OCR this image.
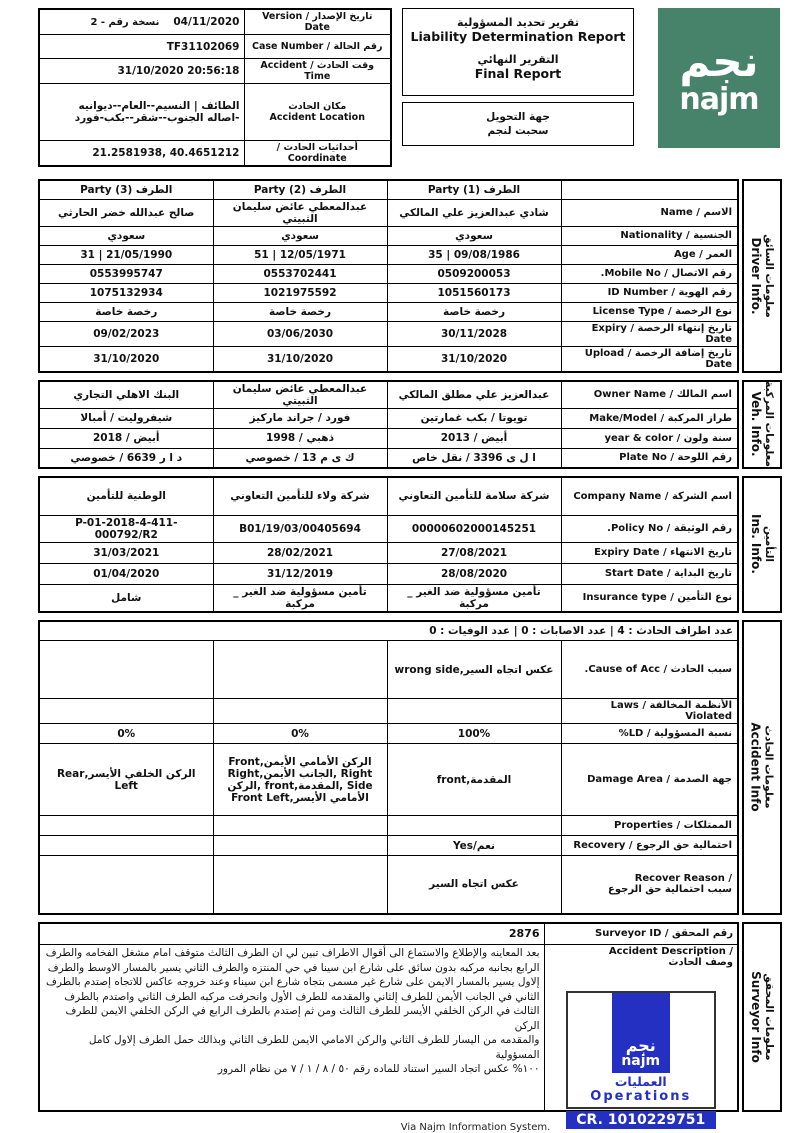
نسخة رقم - 2 04/11/2020	تاريخ الإصدار / Version Date

TF31102069	رقم الحالة / Case Number

31/10/2020 20:56:18	وقت الحادث / Accident Time

الطائف | النسيم--العام--ديوانيه -اصاله الجنوب--شقر--بكب-فورد	مكان الحادث
Accident Location

21.2581938, 40.4651212	أحداثيات الحادث / Coordinate
تقرير تحديد المسؤولية
Liability Determination Report
التقرير النهائي
Final Report
جهة التحويل
سحبت لنجم
نجم
najm
الطرف (3) Party	الطرف (2) Party	الطرف (1) Party	
صالح عبدالله خضر الحارثي	عبدالمعطي عائض سليمان الثبيتي	شادي عبدالعزيز علي المالكي	الاسم / Name
سعودي	سعودي	سعودي	الجنسية / Nationality
31 | 21/05/1990	51 | 12/05/1971	35 | 09/08/1986	العمر / Age
0553995747	0553702441	0509200053	رقم الاتصال / Mobile No.
1075132934	1021975592	1051560173	رقم الهوية / ID Number
رخصة خاصة	رخصة خاصة	رخصة خاصة	نوع الرخصة / License Type
09/02/2023	03/06/2030	30/11/2028	تاريخ إنتهاء الرخصة / Expiry Date
31/10/2020	31/10/2020	31/10/2020	تاريخ إضافة الرخصة / Upload Date
معلومات السائق
Driver Info.
البنك الاهلي التجاري	عبدالمعطي عائض سليمان الثبيتي	عبدالعزيز علي مطلق المالكي	اسم المالك / Owner Name
شيفروليت / أمبالا	فورد / جراند ماركيز	تويوتا / بكب غمارتين	طراز المركبة / Make/Model
أبيض / 2018	ذهبي / 1998	أبيض / 2013	سنة ولون / year & color
د ا ر 6639 / خصوصي	ك ى م 13 / خصوصي	ا ل ى 3396 / نقل خاص	رقم اللوحة / Plate No	معلومات المركبة
Veh. Info.
الوطنية للتأمين	شركة ولاء للتأمين التعاوني	شركة سلامة للتأمين التعاوني	اسم الشركة / Company Name
P-01-2018-4-411-000792/R2	B01/19/03/00405694	00000602000145251	رقم الوثيقة / Policy No.
31/03/2021	28/02/2021	27/08/2021	تاريخ الانتهاء / Expiry Date
01/04/2020	31/12/2019	28/08/2020	تاريخ البداية / Start Date
شامل	تأمين مسؤولية ضد الغير _ مركبة	تأمين مسؤولية ضد الغير _ مركبة	نوع التأمين / Insurance type
التأمين
Ins. Info.
عدد اطراف الحادث : 4 | عدد الاصابات : 0 | عدد الوفيات : 0			
		عكس اتجاه السير,wrong side	سبب الحادث / Cause of Acc.
			الأنظمة المخالفة / Laws Violated
0%	0%	100%	نسبة المسؤولية / LD%
الركن الخلفي الأيسر,Rear Left	الركن الأمامي الأيمن,Front Right ,الجانب الأيمن,Right Side ,المقدمة,front ,الركن الأمامي الأيسر,Front Left	المقدمة,front	جهة الصدمة / Damage Area
			الممتلكات / Properties
		نعم/Yes	احتمالية حق الرجوع / Recovery
		عكس اتجاه السير	Recover Reason /
سبب احتمالية حق الرجوع
معلومات الحادث
Accident Info
2876	رقم المحقق / Surveyor ID

بعد المعاينه والإطلاع والاستماع الى أقوال الاطراف تبين لي ان الطرف الثالث متوقف امام مشغل الفخامه والطرف
الرابع بجانبه مركبه بدون سائق على شارع ابن سينا في حي المنتزه والطرف الثاني يسير بالمسار الاوسط والطرف
إلاول يسير بالمسار الايمن على شارع غير مسمى بتجاه شارع ابن سيناء وعند خروجه عاكس للاتجاه إصتدم بالطرف
الثاني في الجانب الأيمن للطرف إلثاني والمقدمه للطرف الأول وانحرفت مركبه الطرف الثاني واصتدم بالطرف
الثالث في الركن الخلفي الأيسر للطرف الثالث ومن ثم إصتدم بالطرف الرابع في الركن الخلفي الايمن للطرف الركن
والمقدمه من اليسار للطرف الثاني والركن الامامي الايمن للطرف الثاني وبذالك حمل الطرف إلاول كامل المسؤولية
١٠٠% عكس اتجاد السير استناد للماده رقم ٥٠ / ٨ / ١ / ٧ من نظام المرور

Accident Description /
وصف الحادث
نجم
najm
العمليات
Operations
CR. 1010229751
معلومات المحقق
Surveyor Info
Via Najm Information System.
